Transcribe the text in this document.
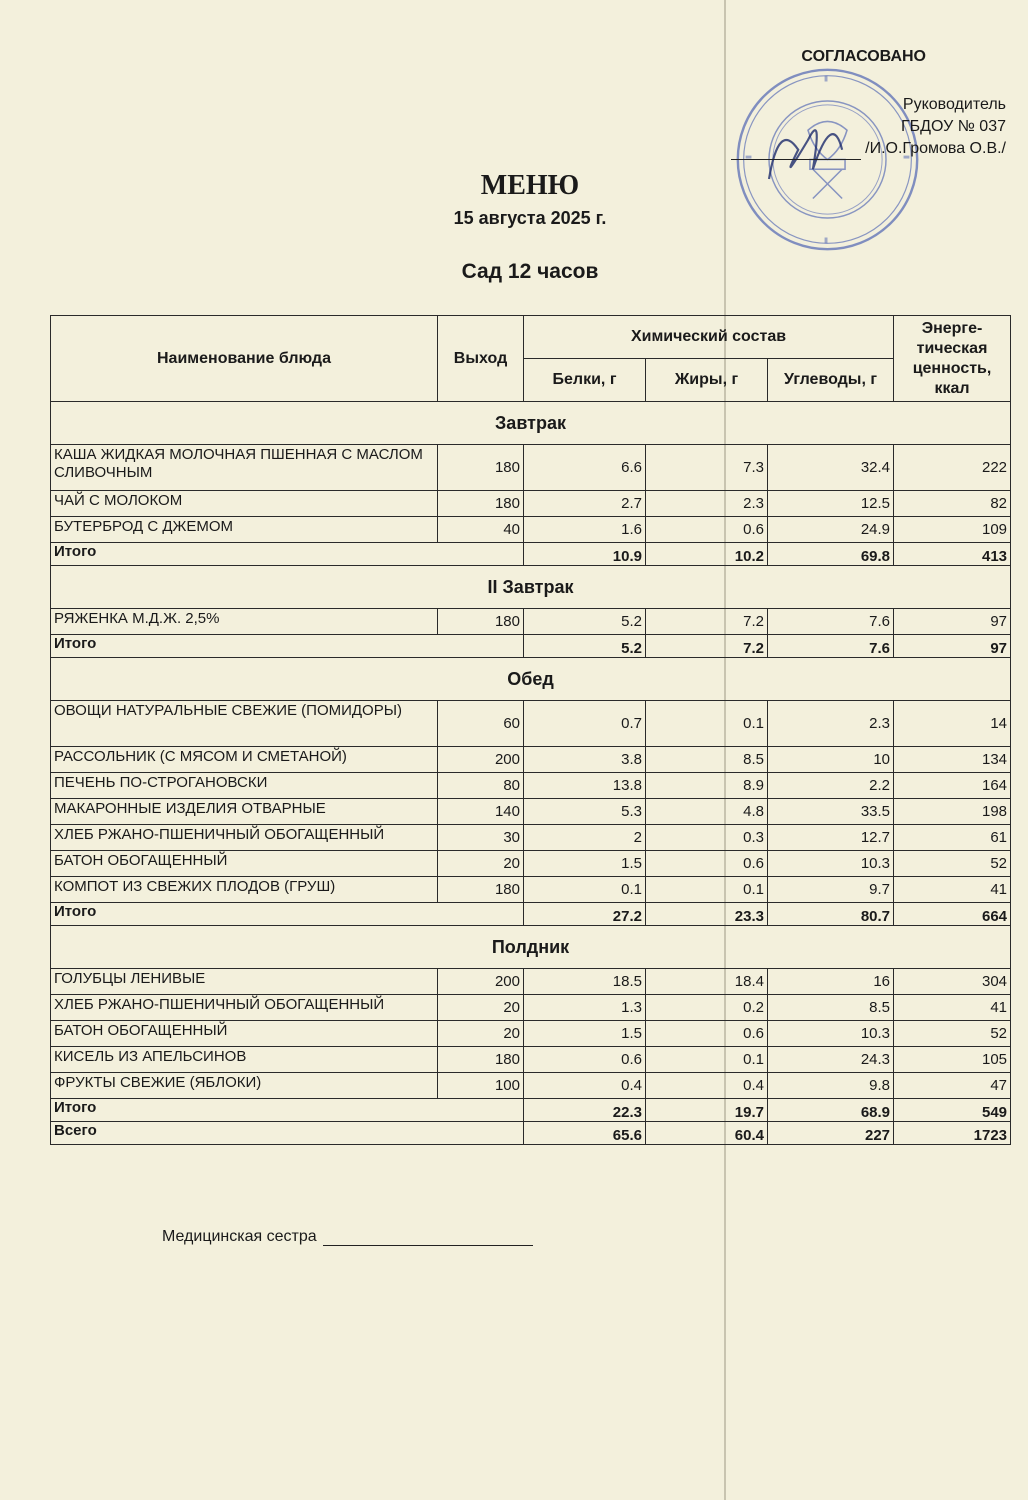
СОГЛАСОВАНО
Руководитель
ГБДОУ № 037
/И.О.Громова О.В./
МЕНЮ
15 августа 2025 г.
Сад 12 часов
Наименование блюда	Выход	Химический состав			Энерге-
тическая
ценность,
ккал

		Белки, г	Жиры, г	Углеводы, г	
Завтрак					
КАША ЖИДКАЯ МОЛОЧНАЯ ПШЕННАЯ С МАСЛОМ СЛИВОЧНЫМ	180	6.6	7.3	32.4	222
ЧАЙ С МОЛОКОМ	180	2.7	2.3	12.5	82
БУТЕРБРОД С ДЖЕМОМ	40	1.6	0.6	24.9	109
Итого		10.9	10.2	69.8	413
II Завтрак					
РЯЖЕНКА М.Д.Ж. 2,5%	180	5.2	7.2	7.6	97
Итого		5.2	7.2	7.6	97
Обед					
ОВОЩИ НАТУРАЛЬНЫЕ СВЕЖИЕ (ПОМИДОРЫ)	60	0.7	0.1	2.3	14
РАССОЛЬНИК (С МЯСОМ И СМЕТАНОЙ)	200	3.8	8.5	10	134
ПЕЧЕНЬ ПО-СТРОГАНОВСКИ	80	13.8	8.9	2.2	164
МАКАРОННЫЕ ИЗДЕЛИЯ ОТВАРНЫЕ	140	5.3	4.8	33.5	198
ХЛЕБ РЖАНО-ПШЕНИЧНЫЙ ОБОГАЩЕННЫЙ	30	2	0.3	12.7	61
БАТОН ОБОГАЩЕННЫЙ	20	1.5	0.6	10.3	52
КОМПОТ ИЗ СВЕЖИХ ПЛОДОВ (ГРУШ)	180	0.1	0.1	9.7	41
Итого		27.2	23.3	80.7	664
Полдник					
ГОЛУБЦЫ ЛЕНИВЫЕ	200	18.5	18.4	16	304
ХЛЕБ РЖАНО-ПШЕНИЧНЫЙ ОБОГАЩЕННЫЙ	20	1.3	0.2	8.5	41
БАТОН ОБОГАЩЕННЫЙ	20	1.5	0.6	10.3	52
КИСЕЛЬ ИЗ АПЕЛЬСИНОВ	180	0.6	0.1	24.3	105
ФРУКТЫ СВЕЖИЕ (ЯБЛОКИ)	100	0.4	0.4	9.8	47
Итого		22.3	19.7	68.9	549
Всего		65.6	60.4	227	1723
Медицинская сестра
